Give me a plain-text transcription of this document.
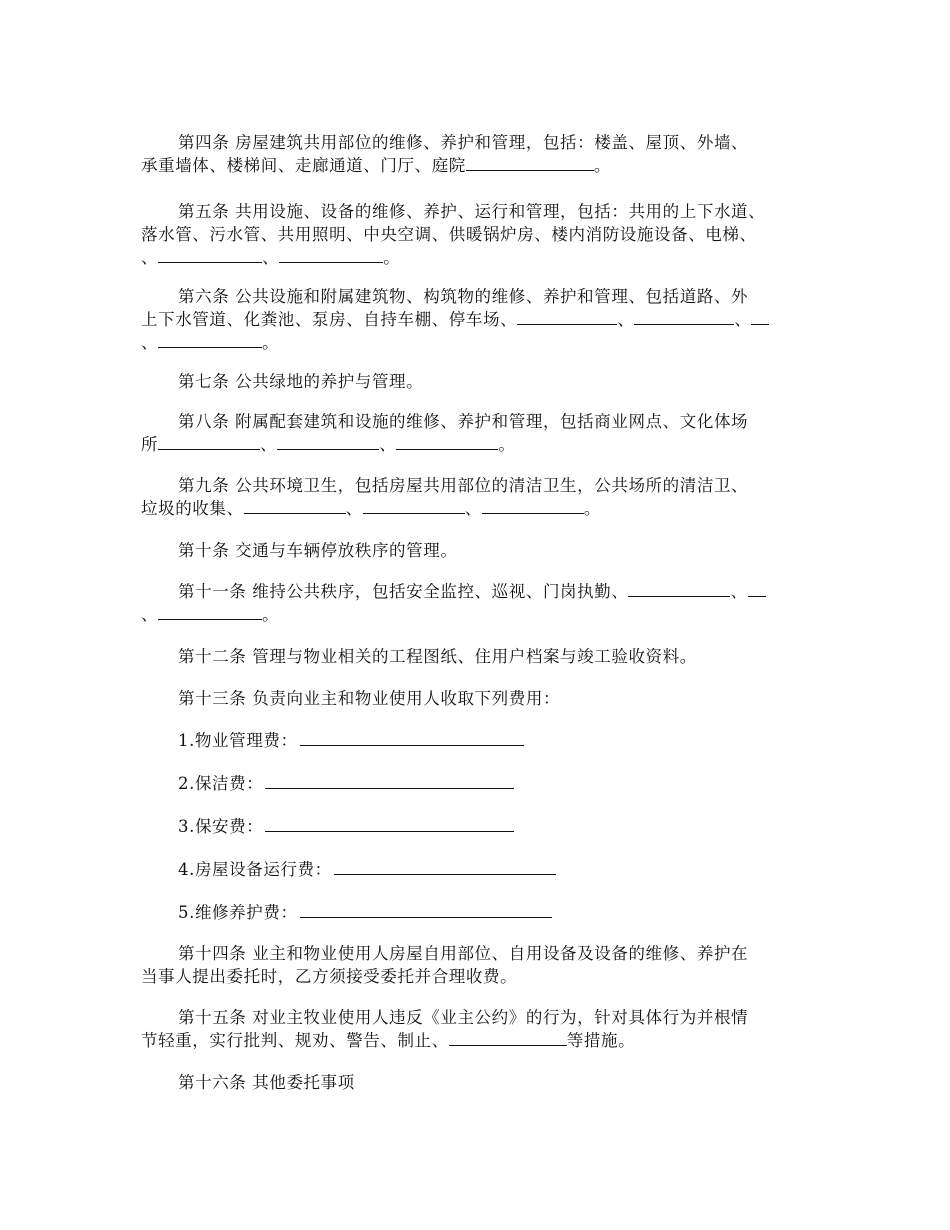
第四条 房屋建筑共用部位的维修、养护和管理，包括：楼盖、屋顶、外墙、
承重墙体、楼梯间、走廊通道、门厅、庭院	。
第五条 共用设施、设备的维修、养护、运行和管理，包括：共用的上下水道、
落水管、污水管、共用照明、中央空调、供暖锅炉房、楼内消防设施设备、电梯、
、	、	。
第六条 公共设施和附属建筑物、构筑物的维修、养护和管理、包括道路、外
上下水管道、化粪池、泵房、自持车棚、停车场、	、	、
、	。
第七条 公共绿地的养护与管理。
第八条 附属配套建筑和设施的维修、养护和管理，包括商业网点、文化体场
所	、	、	。
第九条 公共环境卫生，包括房屋共用部位的清洁卫生，公共场所的清洁卫、
垃圾的收集、	、	、	。
第十条 交通与车辆停放秩序的管理。
第十一条 维持公共秩序，包括安全监控、巡视、门岗执勤、	、
、	。
第十二条 管理与物业相关的工程图纸、住用户档案与竣工验收资料。
第十三条 负责向业主和物业使用人收取下列费用：
1.物业管理费：
2.保洁费：
3.保安费：
4.房屋设备运行费：
5.维修养护费：
第十四条 业主和物业使用人房屋自用部位、自用设备及设备的维修、养护在
当事人提出委托时，乙方须接受委托并合理收费。
第十五条 对业主牧业使用人违反《业主公约》的行为，针对具体行为并根情
节轻重，实行批判、规劝、警告、制止、	等措施。
第十六条 其他委托事项
